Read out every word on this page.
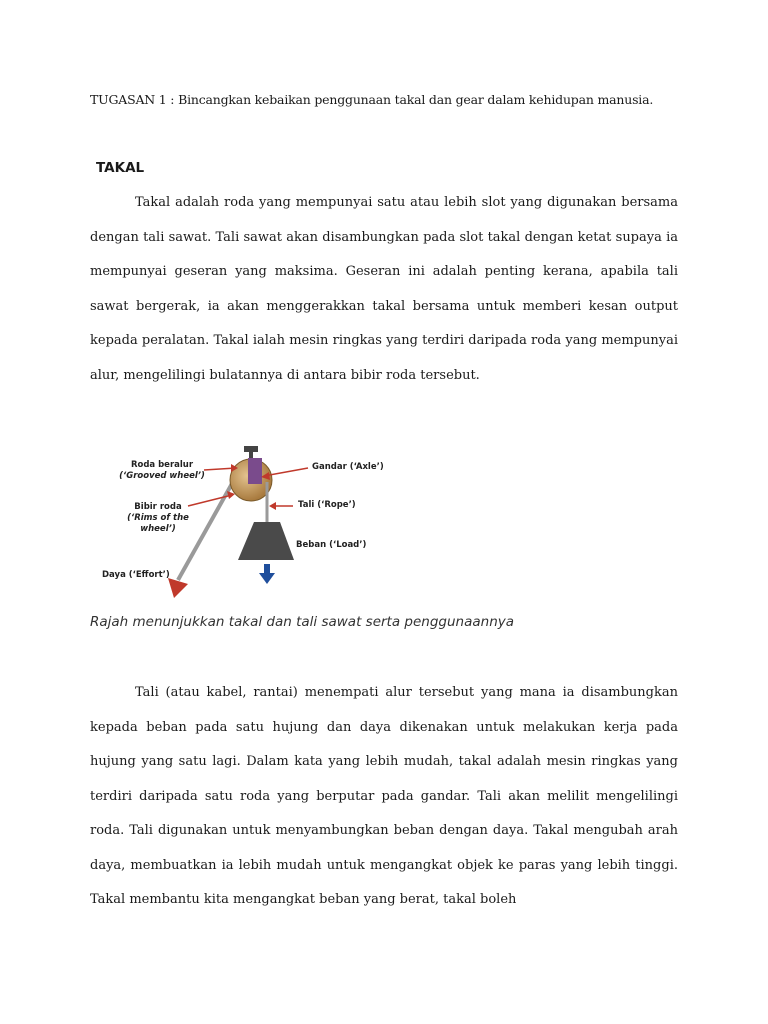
TUGASAN 1 : Bincangkan kebaikan penggunaan takal dan gear dalam kehidupan manusia.
TAKAL

Takal adalah roda yang mempunyai satu atau lebih slot yang digunakan bersama dengan tali sawat. Tali sawat akan disambungkan pada slot takal dengan ketat supaya ia mempunyai geseran yang maksima. Geseran ini adalah penting kerana, apabila tali sawat bergerak, ia akan menggerakkan takal bersama untuk memberi kesan output kepada peralatan. Takal ialah mesin ringkas yang terdiri daripada roda yang mempunyai alur, mengelilingi bulatannya di antara bibir roda tersebut.

Roda beralur
(‘Grooved wheel’)
Bibir roda
(‘Rims of the
wheel’)
Daya (‘Effort’)
Gandar (‘Axle’)
Tali (‘Rope’)
Beban (‘Load’)
Rajah menunjukkan takal dan tali sawat serta penggunaannya

Tali (atau kabel, rantai) menempati alur tersebut yang mana ia disambungkan kepada beban pada satu hujung dan daya dikenakan untuk melakukan kerja pada hujung yang satu lagi. Dalam kata yang lebih mudah, takal adalah mesin ringkas yang terdiri daripada satu roda yang berputar pada gandar. Tali akan melilit mengelilingi roda. Tali digunakan untuk menyambungkan beban dengan daya. Takal mengubah arah daya, membuatkan ia lebih mudah untuk mengangkat objek ke paras yang lebih tinggi. Takal membantu kita mengangkat beban yang berat, takal boleh
